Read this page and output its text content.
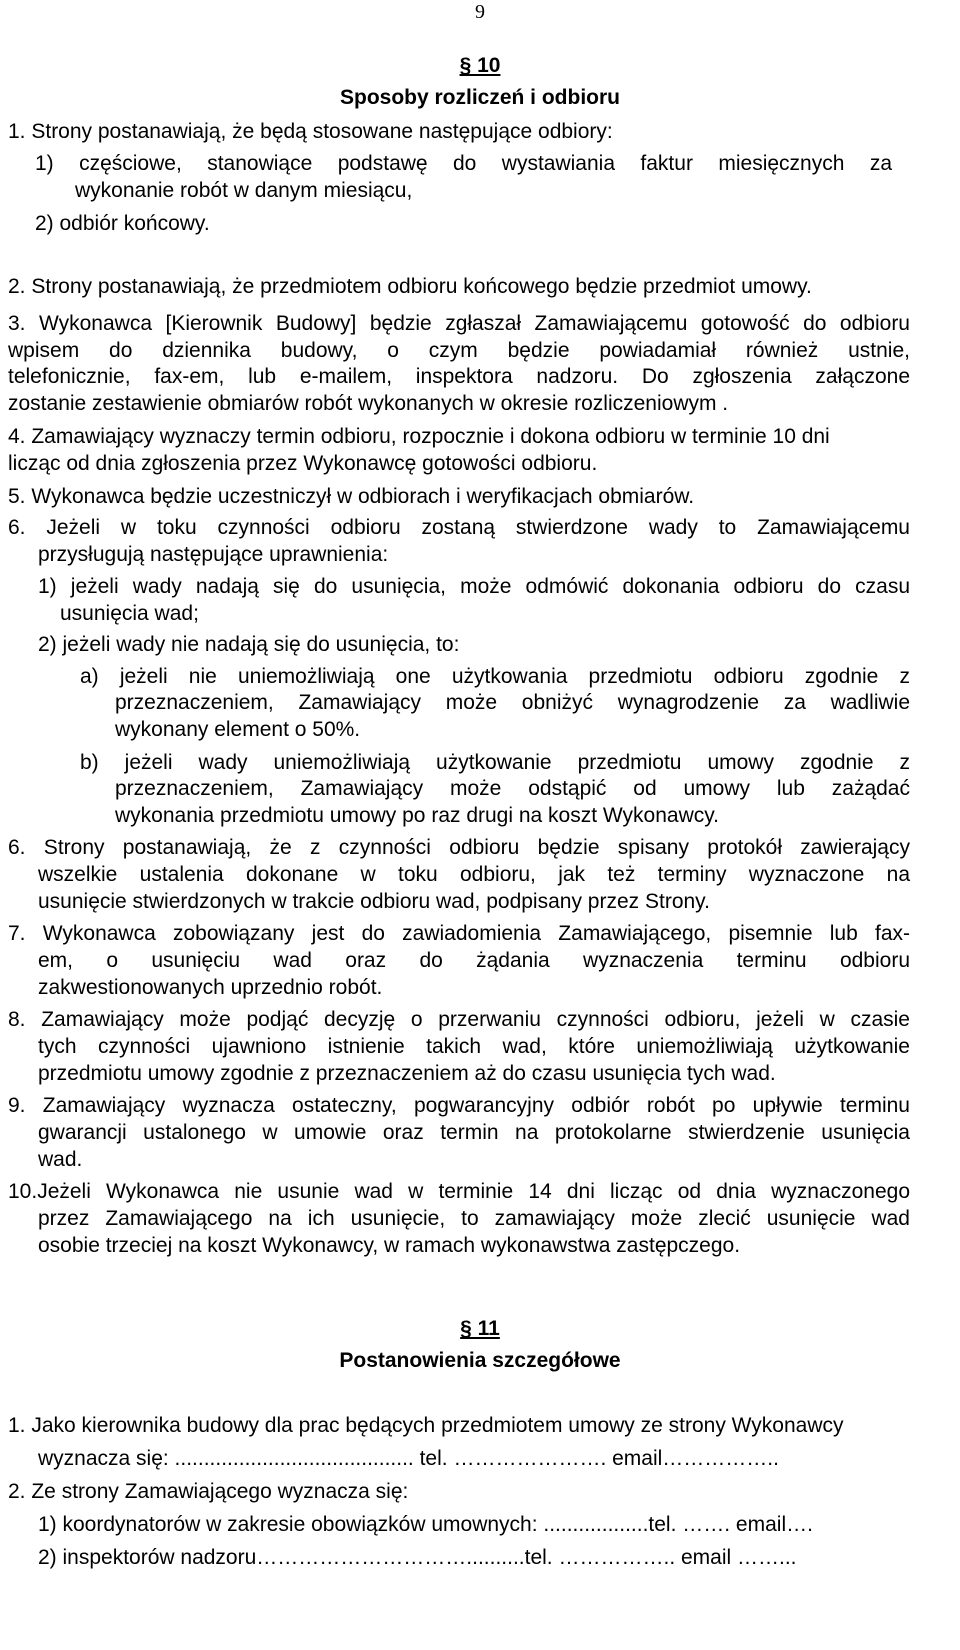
9
§ 10
Sposoby rozliczeń i odbioru
1. Strony postanawiają, że będą stosowane następujące odbiory:
1) częściowe, stanowiące podstawę do wystawiania faktur miesięcznych za
wykonanie robót w danym miesiącu,
2) odbiór końcowy.
2. Strony postanawiają, że przedmiotem odbioru końcowego będzie przedmiot umowy.
3. Wykonawca [Kierownik Budowy] będzie zgłaszał Zamawiającemu gotowość do odbioru
wpisem do dziennika budowy, o czym będzie powiadamiał również ustnie,
telefonicznie, fax-em, lub e-mailem, inspektora nadzoru. Do zgłoszenia załączone
zostanie zestawienie obmiarów robót wykonanych w okresie rozliczeniowym .
4. Zamawiający wyznaczy termin odbioru, rozpocznie i dokona odbioru w terminie 10 dni
licząc od dnia zgłoszenia przez Wykonawcę gotowości odbioru.
5. Wykonawca będzie uczestniczył w odbiorach i weryfikacjach obmiarów.
6. Jeżeli w toku czynności odbioru zostaną stwierdzone wady to Zamawiającemu
przysługują następujące uprawnienia:
1) jeżeli wady nadają się do usunięcia, może odmówić dokonania odbioru do czasu
usunięcia wad;
2) jeżeli wady nie nadają się do usunięcia, to:
a) jeżeli nie uniemożliwiają one użytkowania przedmiotu odbioru zgodnie z
przeznaczeniem, Zamawiający może obniżyć wynagrodzenie za wadliwie
wykonany element o 50%.
b) jeżeli wady uniemożliwiają użytkowanie przedmiotu umowy zgodnie z
przeznaczeniem, Zamawiający może odstąpić od umowy lub zażądać
wykonania przedmiotu umowy po raz drugi na koszt Wykonawcy.
6. Strony postanawiają, że z czynności odbioru będzie spisany protokół zawierający
wszelkie ustalenia dokonane w toku odbioru, jak też terminy wyznaczone na
usunięcie stwierdzonych w trakcie odbioru wad, podpisany przez Strony.
7. Wykonawca zobowiązany jest do zawiadomienia Zamawiającego, pisemnie lub fax-
em, o usunięciu wad oraz do żądania wyznaczenia terminu odbioru
zakwestionowanych uprzednio robót.
8. Zamawiający może podjąć decyzję o przerwaniu czynności odbioru, jeżeli w czasie
tych czynności ujawniono istnienie takich wad, które uniemożliwiają użytkowanie
przedmiotu umowy zgodnie z przeznaczeniem aż do czasu usunięcia tych wad.
9. Zamawiający wyznacza ostateczny, pogwarancyjny odbiór robót po upływie terminu
gwarancji ustalonego w umowie oraz termin na protokolarne stwierdzenie usunięcia
wad.
10.Jeżeli Wykonawca nie usunie wad w terminie 14 dni licząc od dnia wyznaczonego
przez Zamawiającego na ich usunięcie, to zamawiający może zlecić usunięcie wad
osobie trzeciej na koszt Wykonawcy, w ramach wykonawstwa zastępczego.
§ 11
Postanowienia szczegółowe
1. Jako kierownika budowy dla prac będących przedmiotem umowy ze strony Wykonawcy
wyznacza się: ......................................... tel. …………………. email……………..
2. Ze strony Zamawiającego wyznacza się:
1) koordynatorów w zakresie obowiązków umownych: ..................tel. ……. email….
2) inspektorów nadzoru…………………………..........tel. …………….. email ……...
